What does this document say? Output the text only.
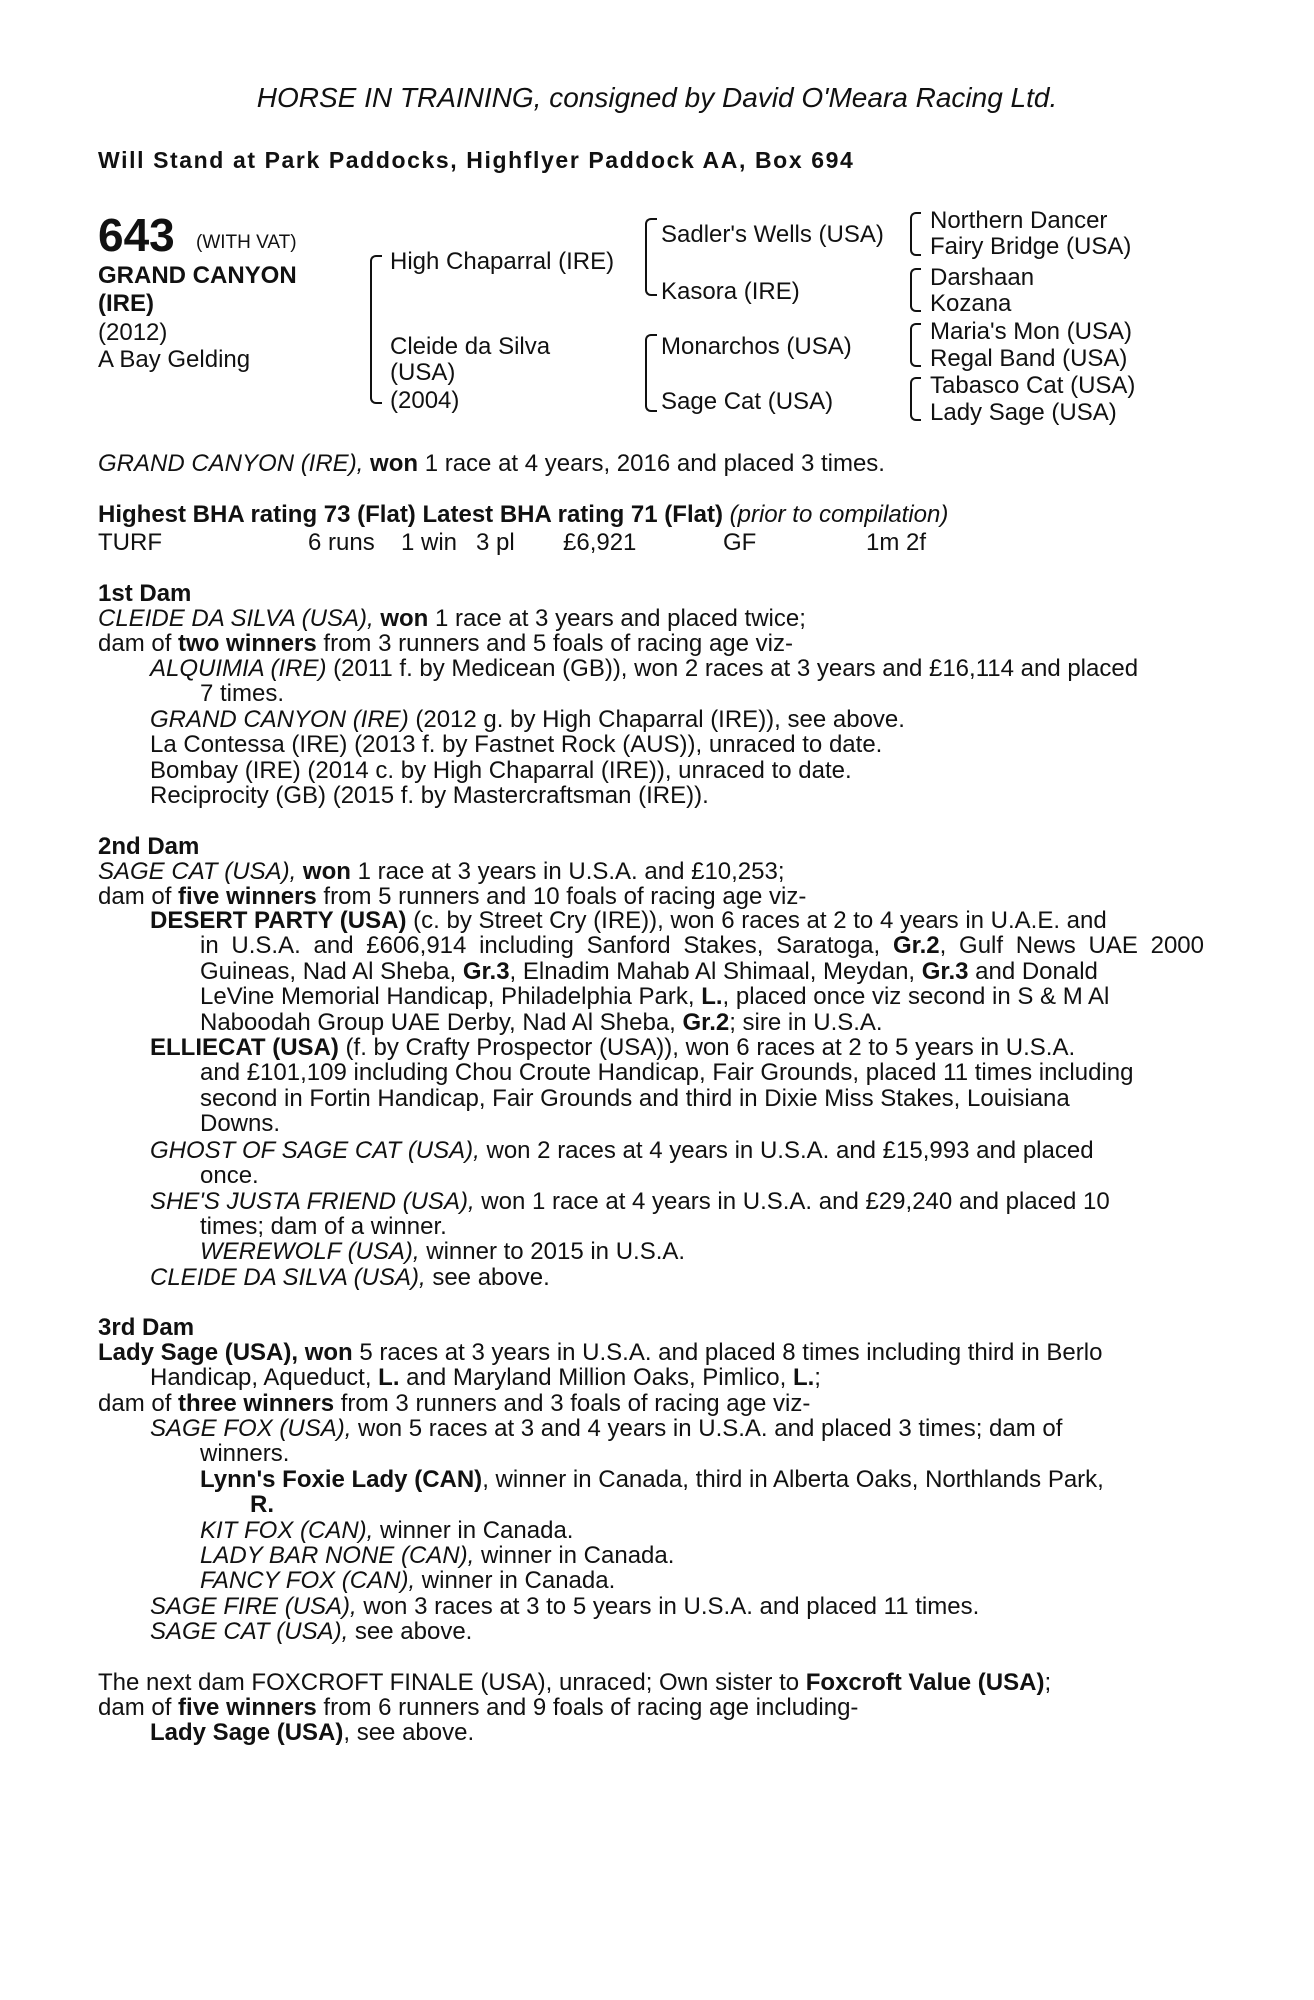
HORSE IN TRAINING, consigned by David O'Meara Racing Ltd.
Will Stand at Park Paddocks, Highflyer Paddock AA, Box 694
643 (WITH VAT)
GRAND CANYON
(IRE)
(2012)
A Bay Gelding
High Chaparral (IRE)
Cleide da Silva
(USA)
(2004)
Sadler's Wells (USA)
Kasora (IRE)
Monarchos (USA)
Sage Cat (USA)
Northern Dancer
Fairy Bridge (USA)
Darshaan
Kozana
Maria's Mon (USA)
Regal Band (USA)
Tabasco Cat (USA)
Lady Sage (USA)
GRAND CANYON (IRE), won 1 race at 4 years, 2016 and placed 3 times.
Highest BHA rating 73 (Flat) Latest BHA rating 71 (Flat) (prior to compilation)
TURF	6 runs 1 win 3 pl £6,921	GF	1m 2f
1st Dam
CLEIDE DA SILVA (USA), won 1 race at 3 years and placed twice;
dam of two winners from 3 runners and 5 foals of racing age viz-
ALQUIMIA (IRE) (2011 f. by Medicean (GB)), won 2 races at 3 years and £16,114 and placed
7 times.
GRAND CANYON (IRE) (2012 g. by High Chaparral (IRE)), see above.
La Contessa (IRE) (2013 f. by Fastnet Rock (AUS)), unraced to date.
Bombay (IRE) (2014 c. by High Chaparral (IRE)), unraced to date.
Reciprocity (GB) (2015 f. by Mastercraftsman (IRE)).
2nd Dam
SAGE CAT (USA), won 1 race at 3 years in U.S.A. and £10,253;
dam of five winners from 5 runners and 10 foals of racing age viz-
DESERT PARTY (USA) (c. by Street Cry (IRE)), won 6 races at 2 to 4 years in U.A.E. and
in U.S.A. and £606,914 including Sanford Stakes, Saratoga, Gr.2, Gulf News UAE 2000
Guineas, Nad Al Sheba, Gr.3, Elnadim Mahab Al Shimaal, Meydan, Gr.3 and Donald
LeVine Memorial Handicap, Philadelphia Park, L., placed once viz second in S & M Al
Naboodah Group UAE Derby, Nad Al Sheba, Gr.2; sire in U.S.A.
ELLIECAT (USA) (f. by Crafty Prospector (USA)), won 6 races at 2 to 5 years in U.S.A.
and £101,109 including Chou Croute Handicap, Fair Grounds, placed 11 times including
second in Fortin Handicap, Fair Grounds and third in Dixie Miss Stakes, Louisiana
Downs.
GHOST OF SAGE CAT (USA), won 2 races at 4 years in U.S.A. and £15,993 and placed
once.
SHE'S JUSTA FRIEND (USA), won 1 race at 4 years in U.S.A. and £29,240 and placed 10
times; dam of a winner.
WEREWOLF (USA), winner to 2015 in U.S.A.
CLEIDE DA SILVA (USA), see above.
3rd Dam
Lady Sage (USA), won 5 races at 3 years in U.S.A. and placed 8 times including third in Berlo
Handicap, Aqueduct, L. and Maryland Million Oaks, Pimlico, L.;
dam of three winners from 3 runners and 3 foals of racing age viz-
SAGE FOX (USA), won 5 races at 3 and 4 years in U.S.A. and placed 3 times; dam of
winners.
Lynn's Foxie Lady (CAN), winner in Canada, third in Alberta Oaks, Northlands Park,
R.
KIT FOX (CAN), winner in Canada.
LADY BAR NONE (CAN), winner in Canada.
FANCY FOX (CAN), winner in Canada.
SAGE FIRE (USA), won 3 races at 3 to 5 years in U.S.A. and placed 11 times.
SAGE CAT (USA), see above.
The next dam FOXCROFT FINALE (USA), unraced; Own sister to Foxcroft Value (USA);
dam of five winners from 6 runners and 9 foals of racing age including-
Lady Sage (USA), see above.
